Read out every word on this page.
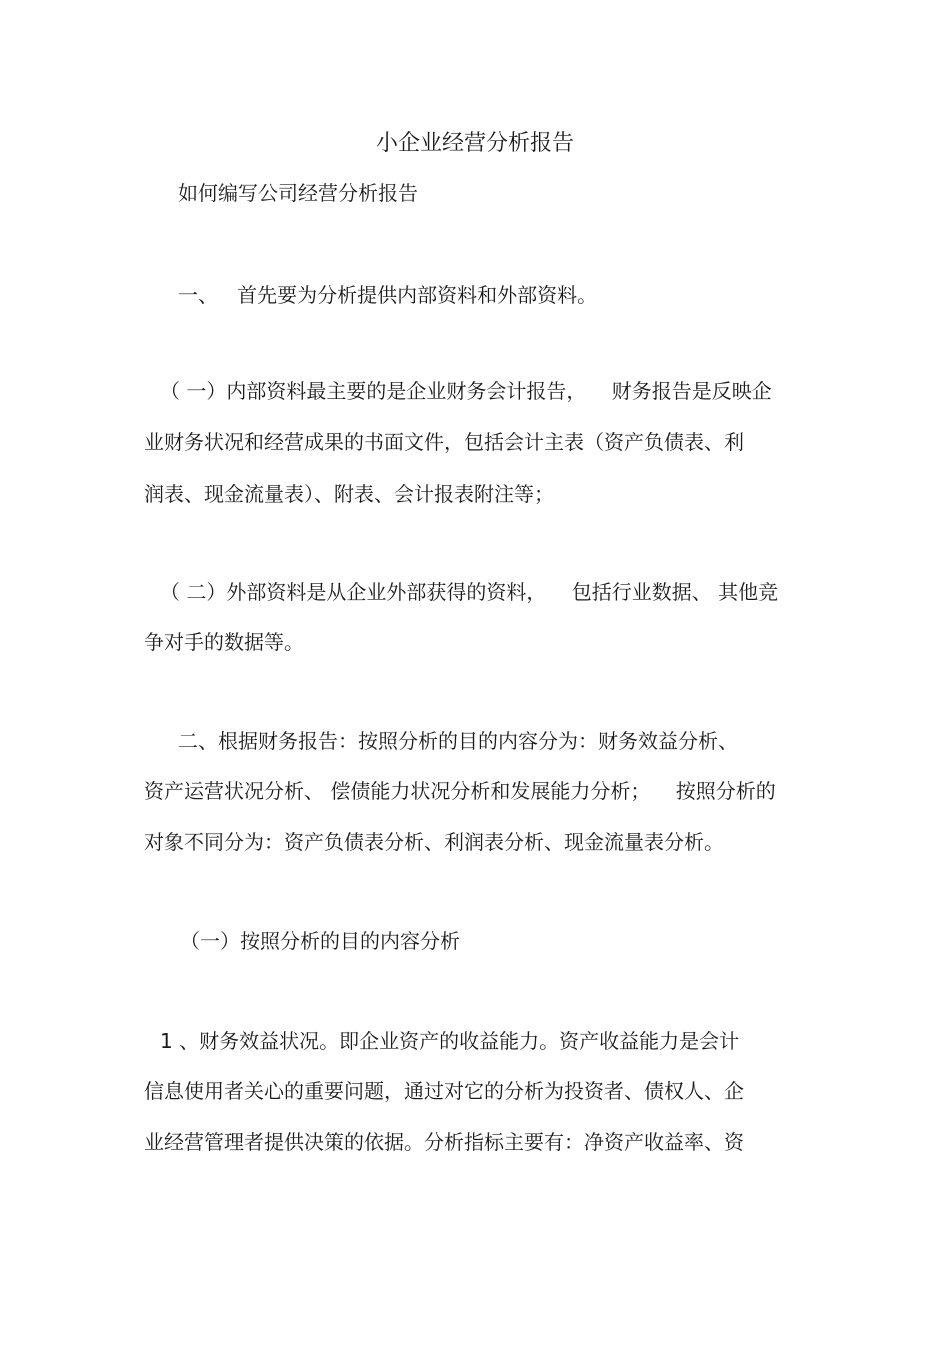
小企业经营分析报告
如何编写公司经营分析报告
一、   首先要为分析提供内部资料和外部资料。
（ 一）内部资料最主要的是企业财务会计报告，    财务报告是反映企
业财务状况和经营成果的书面文件，包括会计主表（资产负债表、利
润表、现金流量表）、附表、会计报表附注等；
（ 二）外部资料是从企业外部获得的资料，    包括行业数据、 其他竞
争对手的数据等。
二、根据财务报告：按照分析的目的内容分为：财务效益分析、
资产运营状况分析、 偿债能力状况分析和发展能力分析；    按照分析的
对象不同分为：资产负债表分析、利润表分析、现金流量表分析。
（一）按照分析的目的内容分析
1 、财务效益状况。即企业资产的收益能力。资产收益能力是会计
信息使用者关心的重要问题，通过对它的分析为投资者、债权人、企
业经营管理者提供决策的依据。分析指标主要有：净资产收益率、资
